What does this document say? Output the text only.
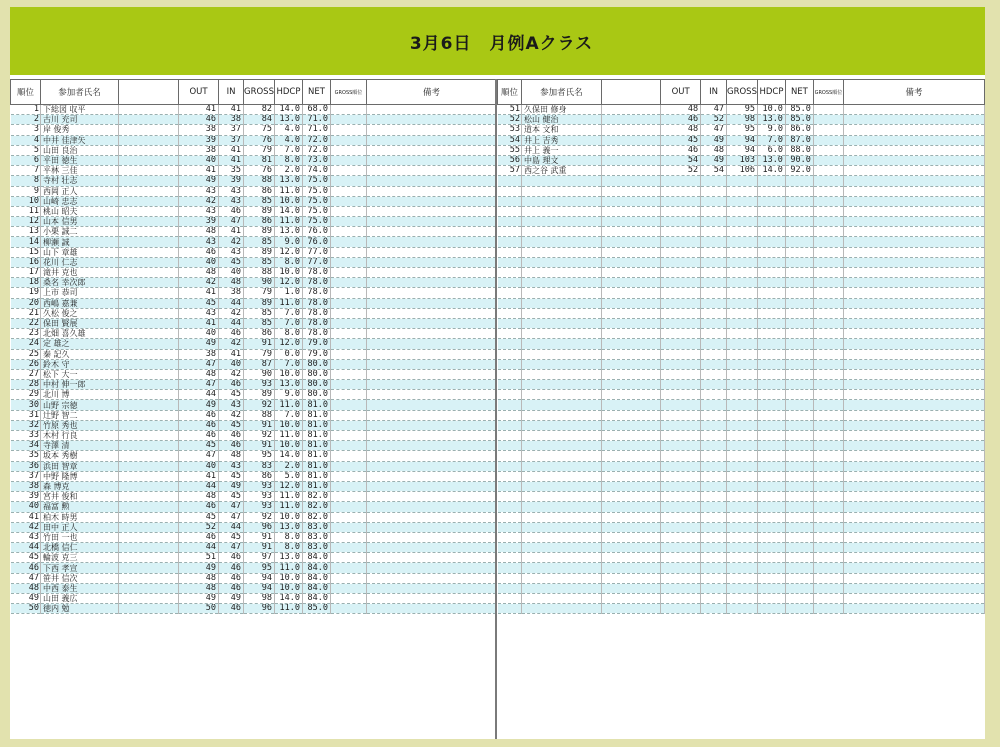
3月6日　月例Aクラス
順位	参加者氏名		OUT	IN	GROSS	HDCP	NET	GROSS順位	備考
1	下総図 収平		41	41	82	14.0	68.0		
2	古川 充司		46	38	84	13.0	71.0		
3	岸 俊秀		38	37	75	4.0	71.0		
4	中井 佳津矢		39	37	76	4.0	72.0		
5	山田 良治		38	41	79	7.0	72.0		
6	平田 徳生		40	41	81	8.0	73.0		
7	平林 三佳		41	35	76	2.0	74.0		
8	寺村 壮志		49	39	88	13.0	75.0		
9	西岡 正人		43	43	86	11.0	75.0		
10	山崎 忠志		42	43	85	10.0	75.0		
11	桃山 昭夫		43	46	89	14.0	75.0		
12	山本 信男		39	47	86	11.0	75.0		
13	小栗 誠二		48	41	89	13.0	76.0		
14	柳瀬 誠		43	42	85	9.0	76.0		
15	山下 章雄		46	43	89	12.0	77.0		
16	花川 仁志		40	45	85	8.0	77.0		
17	滝井 克也		48	40	88	10.0	78.0		
18	桑名 幸次郎		42	48	90	12.0	78.0		
19	上市 恭司		41	38	79	1.0	78.0		
20	西嶋 嘉兼		45	44	89	11.0	78.0		
21	久松 俊之		43	42	85	7.0	78.0		
22	保田 賢展		41	44	85	7.0	78.0		
23	北畑 喜久雄		40	46	86	8.0	78.0		
24	定 雄之		49	42	91	12.0	79.0		
25	秦 記久		38	41	79	0.0	79.0		
26	鈴木 守		47	40	87	7.0	80.0		
27	松下 大一		48	42	90	10.0	80.0		
28	中村 伸一郎		47	46	93	13.0	80.0		
29	北川 博		44	45	89	9.0	80.0		
30	山野 宗徳		49	43	92	11.0	81.0		
31	辻野 智二		46	42	88	7.0	81.0		
32	竹原 秀也		46	45	91	10.0	81.0		
33	木村 行良		46	46	92	11.0	81.0		
34	寺澤 清		45	46	91	10.0	81.0		
35	坂本 秀樹		47	48	95	14.0	81.0		
36	浜田 智章		40	43	83	2.0	81.0		
37	中野 隆博		41	45	86	5.0	81.0		
38	森 博克		44	49	93	12.0	81.0		
39	宮井 俊和		48	45	93	11.0	82.0		
40	福富 勲		46	47	93	11.0	82.0		
41	柏木 時男		45	47	92	10.0	82.0		
42	田中 正人		52	44	96	13.0	83.0		
43	竹田 一也		46	45	91	8.0	83.0		
44	北橋 信仁		44	47	91	8.0	83.0		
45	輪波 克三		51	46	97	13.0	84.0		
46	下西 孝宣		49	46	95	11.0	84.0		
47	笹井 信次		48	46	94	10.0	84.0		
48	中西 泰生		48	46	94	10.0	84.0		
49	山田 義広		49	49	98	14.0	84.0		
50	徳内 勉		50	46	96	11.0	85.0		
順位	参加者氏名		OUT	IN	GROSS	HDCP	NET	GROSS順位	備考
51	久保田 修身		48	47	95	10.0	85.0		
52	松山 健治		46	52	98	13.0	85.0		
53	道本 文和		48	47	95	9.0	86.0		
54	井上 吉秀		45	49	94	7.0	87.0		
55	井上 義一		46	48	94	6.0	88.0		
56	中島 理文		54	49	103	13.0	90.0		
57	西之谷 武重		52	54	106	14.0	92.0		
